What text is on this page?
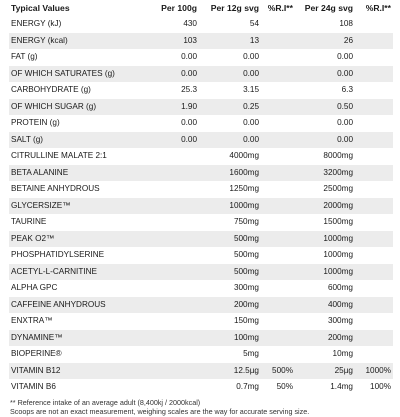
Typical Values	Per 100g	Per 12g svg	%R.I**	Per 24g svg	%R.I**
ENERGY (kJ)	430	54		108	
ENERGY (kcal)	103	13		26	
FAT (g)	0.00	0.00		0.00	
OF WHICH SATURATES (g)	0.00	0.00		0.00	
CARBOHYDRATE (g)	25.3	3.15		6.3	
OF WHICH SUGAR (g)	1.90	0.25		0.50	
PROTEIN (g)	0.00	0.00		0.00	
SALT (g)	0.00	0.00		0.00	
CITRULLINE MALATE 2:1		4000mg		8000mg	
BETA ALANINE		1600mg		3200mg	
BETAINE ANHYDROUS		1250mg		2500mg	
GLYCERSIZE™		1000mg		2000mg	
TAURINE		750mg		1500mg	
PEAK O2™		500mg		1000mg	
PHOSPHATIDYLSERINE		500mg		1000mg	
ACETYL-L-CARNITINE		500mg		1000mg	
ALPHA GPC		300mg		600mg	
CAFFEINE ANHYDROUS		200mg		400mg	
ENXTRA™		150mg		300mg	
DYNAMINE™		100mg		200mg	
BIOPERINE®		5mg		10mg	
VITAMIN B12		12.5µg	500%	25µg	1000%
VITAMIN B6		0.7mg	50%	1.4mg	100%
** Reference intake of an average adult (8,400kj / 2000kcal)
Scoops are not an exact measurement, weighing scales are the way for accurate serving size.
